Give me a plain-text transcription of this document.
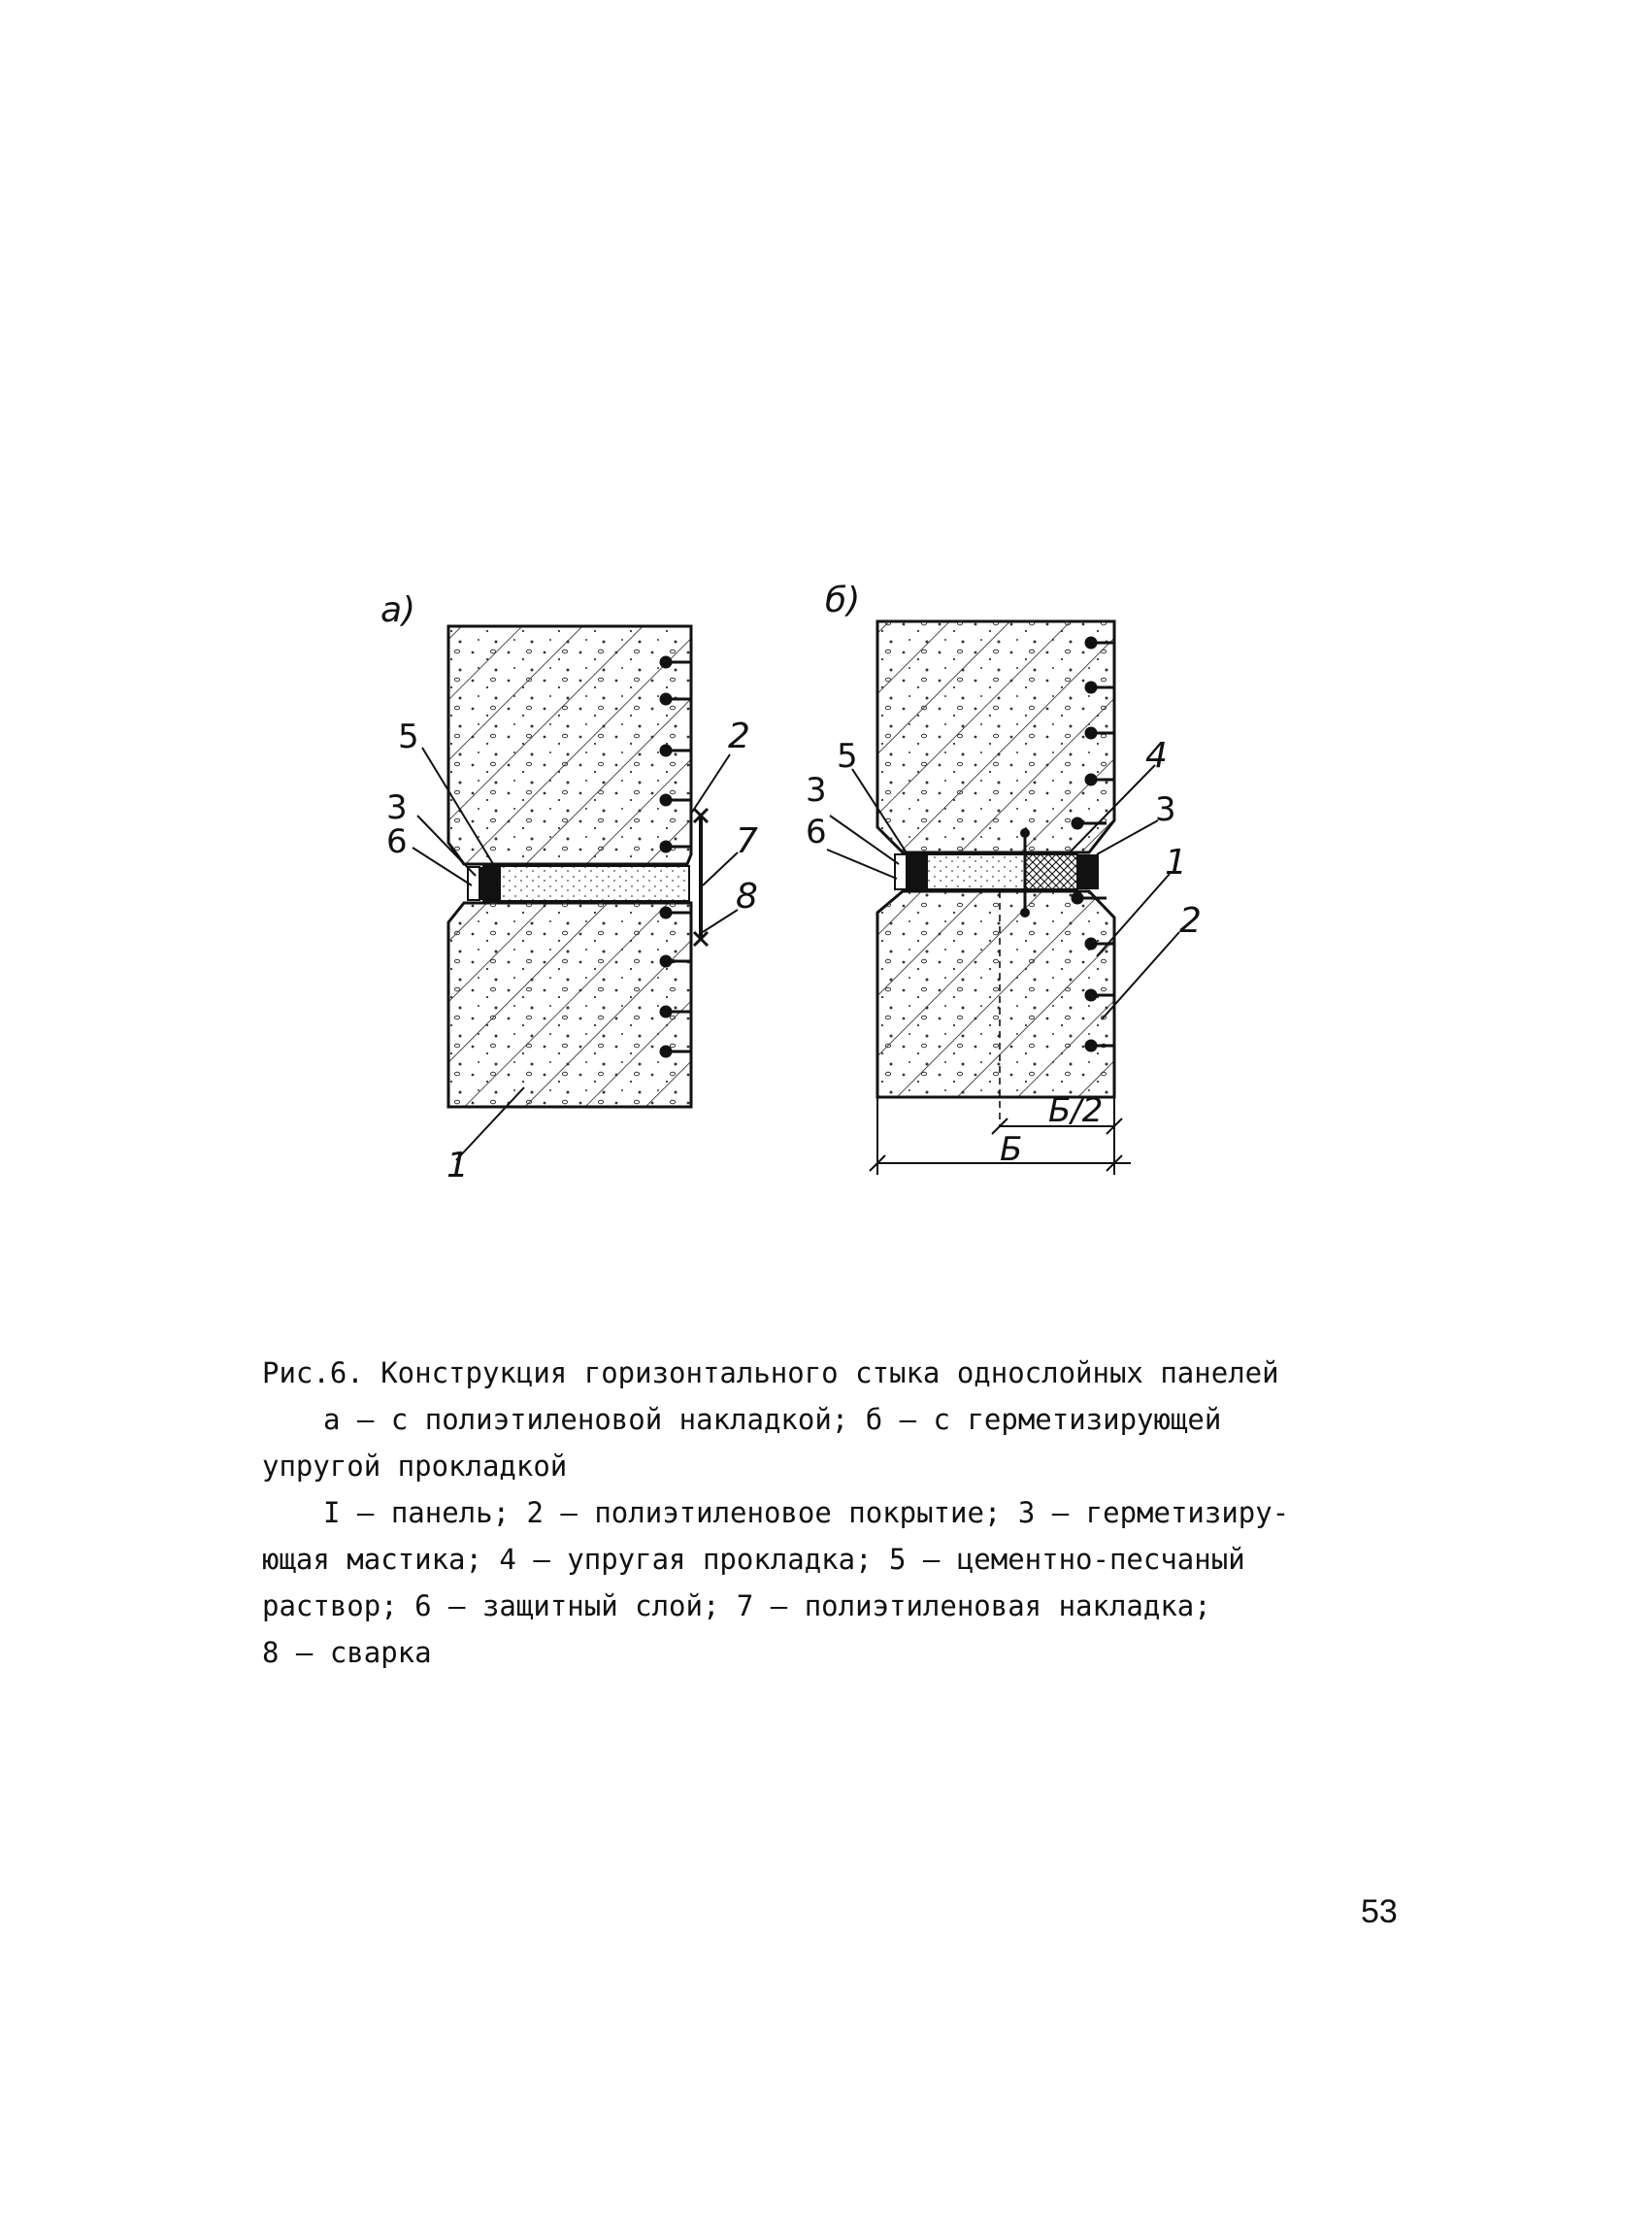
а)
5
3
6
2
7
8
1
б)
Б/2
Б
5
3
6
4
3
1
2
Рис.6. Конструкция горизонтального стыка однослойных панелей
а – с полиэтиленовой накладкой; б – с герметизирующей
упругой прокладкой
I – панель; 2 – полиэтиленовое покрытие; 3 – герметизиру-
ющая мастика; 4 – упругая прокладка; 5 – цементно-песчаный
раствор; 6 – защитный слой; 7 – полиэтиленовая накладка;
8 – сварка
53
